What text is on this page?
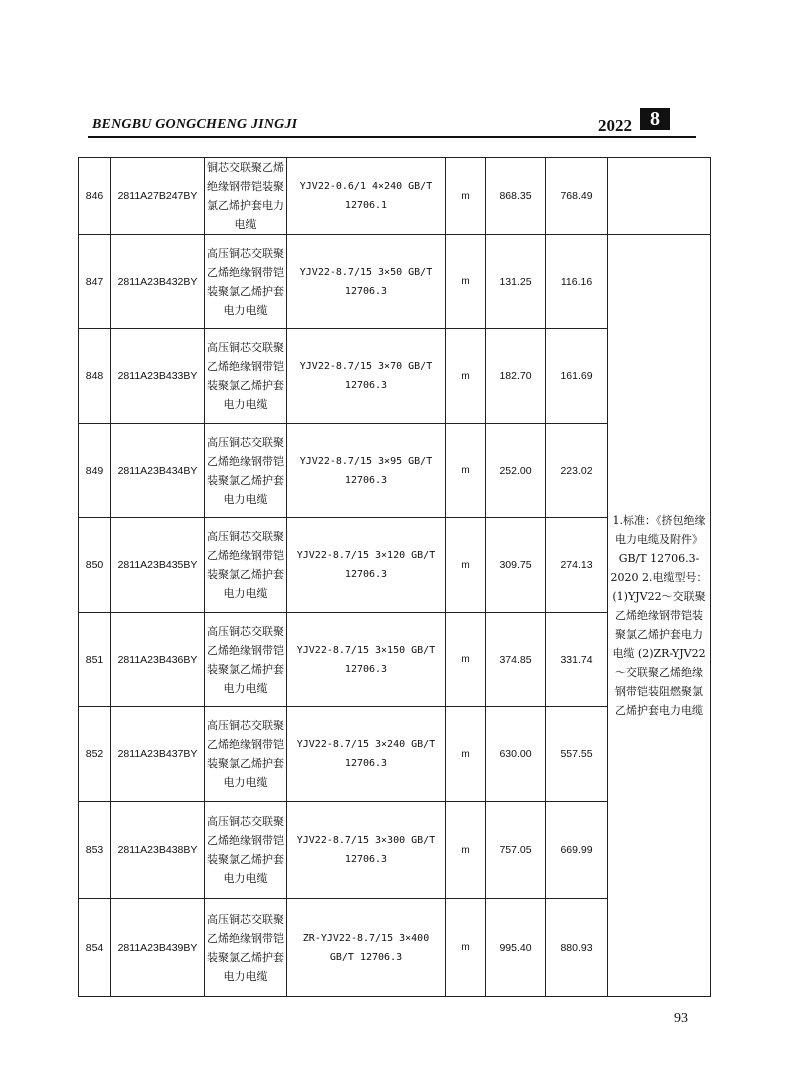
BENGBU GONGCHENG JINGJI	2022 8
846	2811A27B247BY	铜芯交联聚乙烯绝缘钢带铠装聚氯乙烯护套电力电缆	YJV22-0.6/1 4×240 GB/T 12706.1	m	868.35	768.49	
847	2811A23B432BY	高压铜芯交联聚乙烯绝缘钢带铠装聚氯乙烯护套电力电缆	YJV22-8.7/15 3×50 GB/T 12706.3	m	131.25	116.16	1.标准：《挤包绝缘电力电缆及附件》GB/T 12706.3-2020 2.电缆型号：(1)YJV22～交联聚乙烯绝缘钢带铠装聚氯乙烯护套电力电缆 (2)ZR-YJV22～交联聚乙烯绝缘钢带铠装阻燃聚氯乙烯护套电力电缆
848	2811A23B433BY	高压铜芯交联聚乙烯绝缘钢带铠装聚氯乙烯护套电力电缆	YJV22-8.7/15 3×70 GB/T 12706.3	m	182.70	161.69	
849	2811A23B434BY	高压铜芯交联聚乙烯绝缘钢带铠装聚氯乙烯护套电力电缆	YJV22-8.7/15 3×95 GB/T 12706.3	m	252.00	223.02	
850	2811A23B435BY	高压铜芯交联聚乙烯绝缘钢带铠装聚氯乙烯护套电力电缆	YJV22-8.7/15 3×120 GB/T 12706.3	m	309.75	274.13	
851	2811A23B436BY	高压铜芯交联聚乙烯绝缘钢带铠装聚氯乙烯护套电力电缆	YJV22-8.7/15 3×150 GB/T 12706.3	m	374.85	331.74	
852	2811A23B437BY	高压铜芯交联聚乙烯绝缘钢带铠装聚氯乙烯护套电力电缆	YJV22-8.7/15 3×240 GB/T 12706.3	m	630.00	557.55	
853	2811A23B438BY	高压铜芯交联聚乙烯绝缘钢带铠装聚氯乙烯护套电力电缆	YJV22-8.7/15 3×300 GB/T 12706.3	m	757.05	669.99	
854	2811A23B439BY	高压铜芯交联聚乙烯绝缘钢带铠装聚氯乙烯护套电力电缆	ZR-YJV22-8.7/15 3×400 GB/T 12706.3	m	995.40	880.93	
93
